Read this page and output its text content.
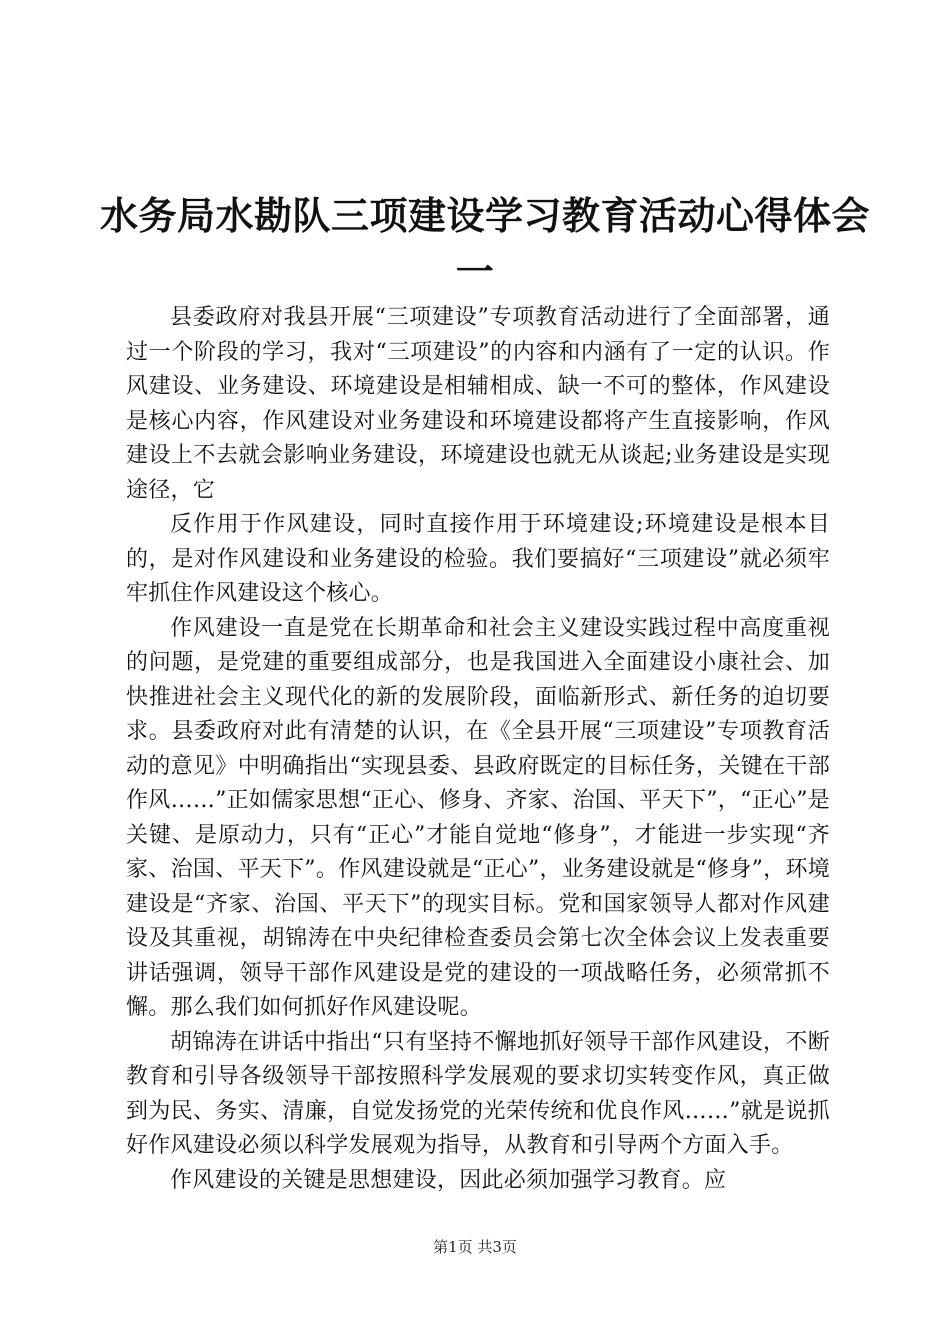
水务局水勘队三项建设学习教育活动心得体会
一

县委政府对我县开展“三项建设”专项教育活动进行了全面部署，通过一个阶段的学习，我对“三项建设”的内容和内涵有了一定的认识。作风建设、业务建设、环境建设是相辅相成、缺一不可的整体，作风建设是核心内容，作风建设对业务建设和环境建设都将产生直接影响，作风建设上不去就会影响业务建设，环境建设也就无从谈起;业务建设是实现途径，它

反作用于作风建设，同时直接作用于环境建设;环境建设是根本目的，是对作风建设和业务建设的检验。我们要搞好“三项建设”就必须牢牢抓住作风建设这个核心。

作风建设一直是党在长期革命和社会主义建设实践过程中高度重视的问题，是党建的重要组成部分，也是我国进入全面建设小康社会、加快推进社会主义现代化的新的发展阶段，面临新形式、新任务的迫切要求。县委政府对此有清楚的认识，在《全县开展“三项建设”专项教育活动的意见》中明确指出“实现县委、县政府既定的目标任务，关键在干部作风……”正如儒家思想“正心、修身、齐家、治国、平天下”，“正心”是关键、是原动力，只有“正心”才能自觉地“修身”，才能进一步实现“齐家、治国、平天下”。作风建设就是“正心”，业务建设就是“修身”，环境建设是“齐家、治国、平天下”的现实目标。党和国家领导人都对作风建设及其重视，胡锦涛在中央纪律检查委员会第七次全体会议上发表重要讲话强调，领导干部作风建设是党的建设的一项战略任务，必须常抓不懈。那么我们如何抓好作风建设呢。

胡锦涛在讲话中指出“只有坚持不懈地抓好领导干部作风建设，不断教育和引导各级领导干部按照科学发展观的要求切实转变作风，真正做到为民、务实、清廉，自觉发扬党的光荣传统和优良作风……”就是说抓好作风建设必须以科学发展观为指导，从教育和引导两个方面入手。

作风建设的关键是思想建设，因此必须加强学习教育。应

第1页 共3页
